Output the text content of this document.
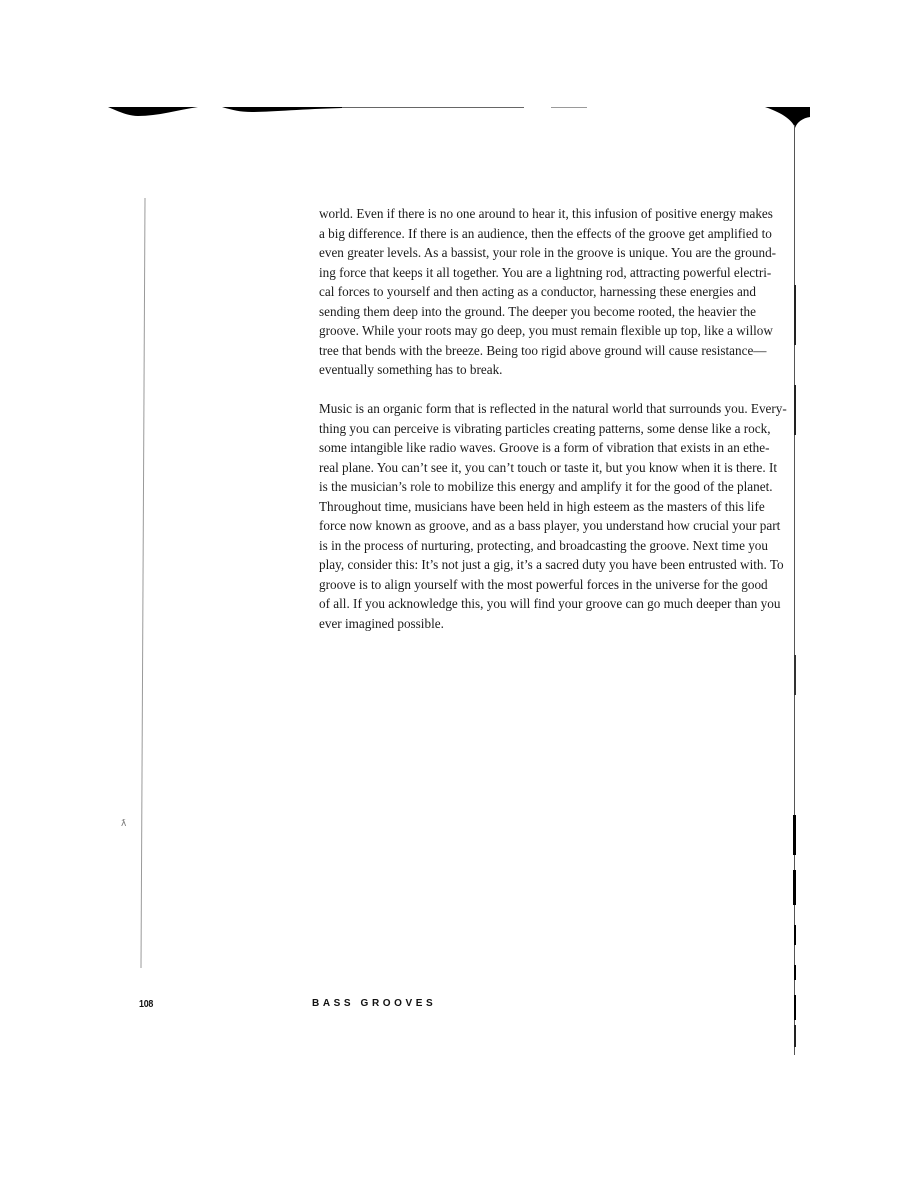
ƛ

world. Even if there is no one around to hear it, this infusion of positive energy makes
a big difference. If there is an audience, then the effects of the groove get amplified to
even greater levels. As a bassist, your role in the groove is unique. You are the ground-
ing force that keeps it all together. You are a lightning rod, attracting powerful electri-
cal forces to yourself and then acting as a conductor, harnessing these energies and
sending them deep into the ground. The deeper you become rooted, the heavier the
groove. While your roots may go deep, you must remain flexible up top, like a willow
tree that bends with the breeze. Being too rigid above ground will cause resistance—
eventually something has to break.

Music is an organic form that is reflected in the natural world that surrounds you. Every-
thing you can perceive is vibrating particles creating patterns, some dense like a rock,
some intangible like radio waves. Groove is a form of vibration that exists in an ethe-
real plane. You can’t see it, you can’t touch or taste it, but you know when it is there. It
is the musician’s role to mobilize this energy and amplify it for the good of the planet.
Throughout time, musicians have been held in high esteem as the masters of this life
force now known as groove, and as a bass player, you understand how crucial your part
is in the process of nurturing, protecting, and broadcasting the groove. Next time you
play, consider this: It’s not just a gig, it’s a sacred duty you have been entrusted with. To
groove is to align yourself with the most powerful forces in the universe for the good
of all. If you acknowledge this, you will find your groove can go much deeper than you
ever imagined possible.

108	BASS GROOVES
